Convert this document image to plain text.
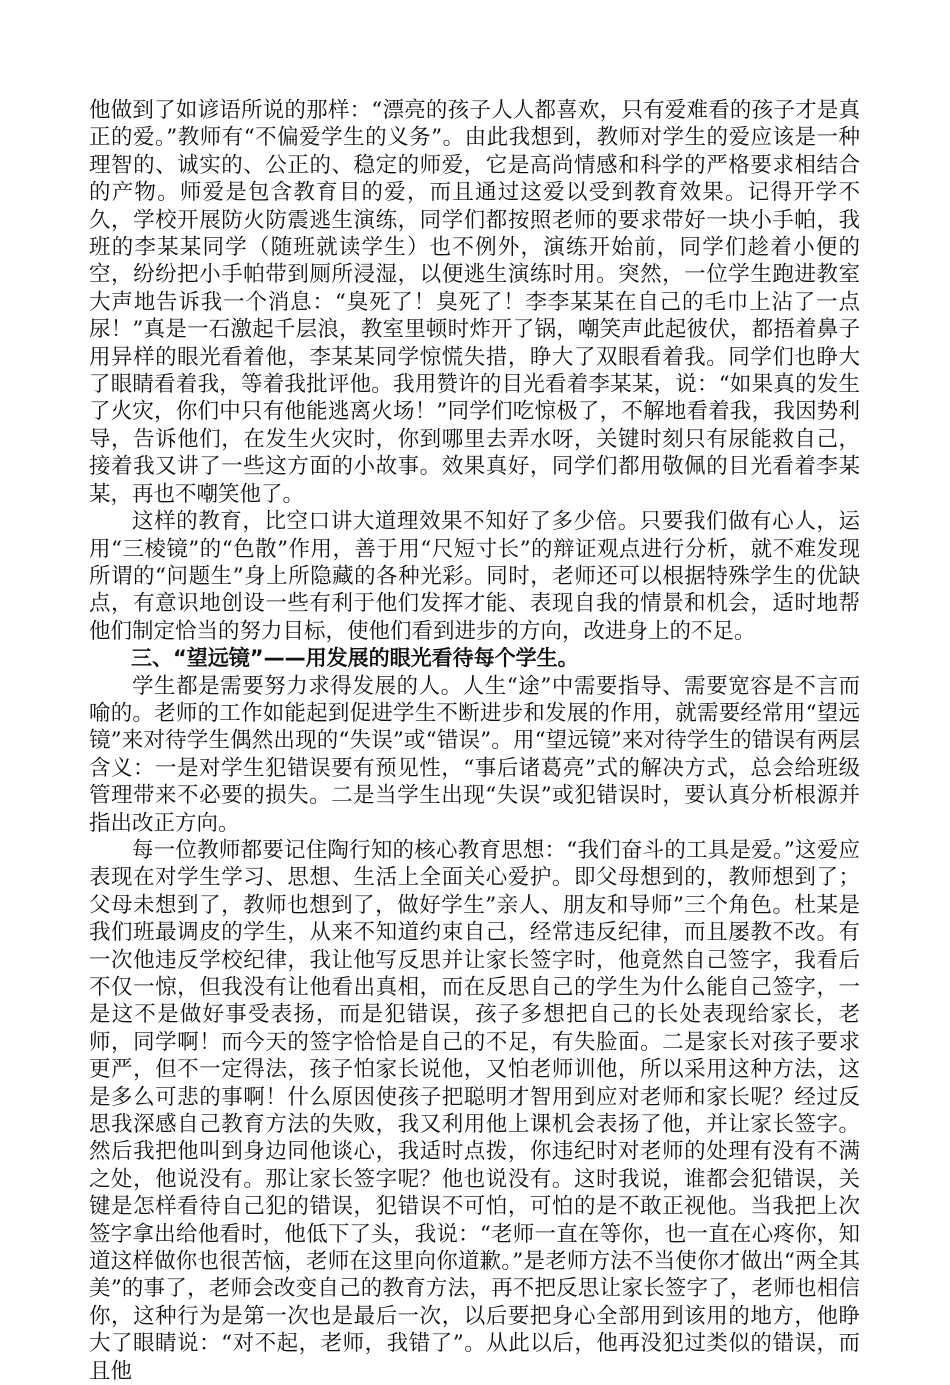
他做到了如谚语所说的那样：“漂亮的孩子人人都喜欢，只有爱难看的孩子才是真正的爱。”教师有“不偏爱学生的义务”。由此我想到，教师对学生的爱应该是一种理智的、诚实的、公正的、稳定的师爱，它是高尚情感和科学的严格要求相结合的产物。师爱是包含教育目的爱，而且通过这爱以受到教育效果。记得开学不久，学校开展防火防震逃生演练，同学们都按照老师的要求带好一块小手帕，我班的李某某同学（随班就读学生）也不例外，演练开始前，同学们趁着小便的空，纷纷把小手帕带到厕所浸湿，以便逃生演练时用。突然，一位学生跑进教室大声地告诉我一个消息：“臭死了！臭死了！李李某某在自己的毛巾上沾了一点尿！”真是一石激起千层浪，教室里顿时炸开了锅，嘲笑声此起彼伏，都捂着鼻子用异样的眼光看着他，李某某同学惊慌失措，睁大了双眼看着我。同学们也睁大了眼睛看着我，等着我批评他。我用赞许的目光看着李某某，说：“如果真的发生了火灾，你们中只有他能逃离火场！”同学们吃惊极了，不解地看着我，我因势利导，告诉他们，在发生火灾时，你到哪里去弄水呀，关键时刻只有尿能救自己，接着我又讲了一些这方面的小故事。效果真好，同学们都用敬佩的目光看着李某某，再也不嘲笑他了。

这样的教育，比空口讲大道理效果不知好了多少倍。只要我们做有心人，运用“三棱镜”的“色散”作用，善于用“尺短寸长”的辩证观点进行分析，就不难发现所谓的“问题生”身上所隐藏的各种光彩。同时，老师还可以根据特殊学生的优缺点，有意识地创设一些有利于他们发挥才能、表现自我的情景和机会，适时地帮他们制定恰当的努力目标，使他们看到进步的方向，改进身上的不足。

三、“望远镜”——用发展的眼光看待每个学生。

学生都是需要努力求得发展的人。人生“途”中需要指导、需要宽容是不言而喻的。老师的工作如能起到促进学生不断进步和发展的作用，就需要经常用“望远镜”来对待学生偶然出现的“失误”或“错误”。用“望远镜”来对待学生的错误有两层含义：一是对学生犯错误要有预见性，“事后诸葛亮”式的解决方式，总会给班级管理带来不必要的损失。二是当学生出现“失误”或犯错误时，要认真分析根源并指出改正方向。

每一位教师都要记住陶行知的核心教育思想：“我们奋斗的工具是爱。”这爱应表现在对学生学习、思想、生活上全面关心爱护。即父母想到的，教师想到了；父母未想到了，教师也想到了，做好学生”亲人、朋友和导师”三个角色。杜某是我们班最调皮的学生，从来不知道约束自己，经常违反纪律，而且屡教不改。有一次他违反学校纪律，我让他写反思并让家长签字时，他竟然自己签字，我看后不仅一惊，但我没有让他看出真相，而在反思自己的学生为什么能自己签字，一是这不是做好事受表扬，而是犯错误，孩子多想把自己的长处表现给家长，老师，同学啊！而今天的签字恰恰是自己的不足，有失脸面。二是家长对孩子要求更严，但不一定得法，孩子怕家长说他，又怕老师训他，所以采用这种方法，这是多么可悲的事啊！什么原因使孩子把聪明才智用到应对老师和家长呢？经过反思我深感自己教育方法的失败，我又利用他上课机会表扬了他，并让家长签字。然后我把他叫到身边同他谈心，我适时点拨，你违纪时对老师的处理有没有不满之处，他说没有。那让家长签字呢？他也说没有。这时我说，谁都会犯错误，关键是怎样看待自己犯的错误，犯错误不可怕，可怕的是不敢正视他。当我把上次签字拿出给他看时，他低下了头，我说：“老师一直在等你，也一直在心疼你，知道这样做你也很苦恼，老师在这里向你道歉。”是老师方法不当使你才做出“两全其美”的事了，老师会改变自己的教育方法，再不把反思让家长签字了，老师也相信你，这种行为是第一次也是最后一次，以后要把身心全部用到该用的地方，他睁大了眼睛说：“对不起，老师，我错了”。从此以后，他再没犯过类似的错误，而且他
